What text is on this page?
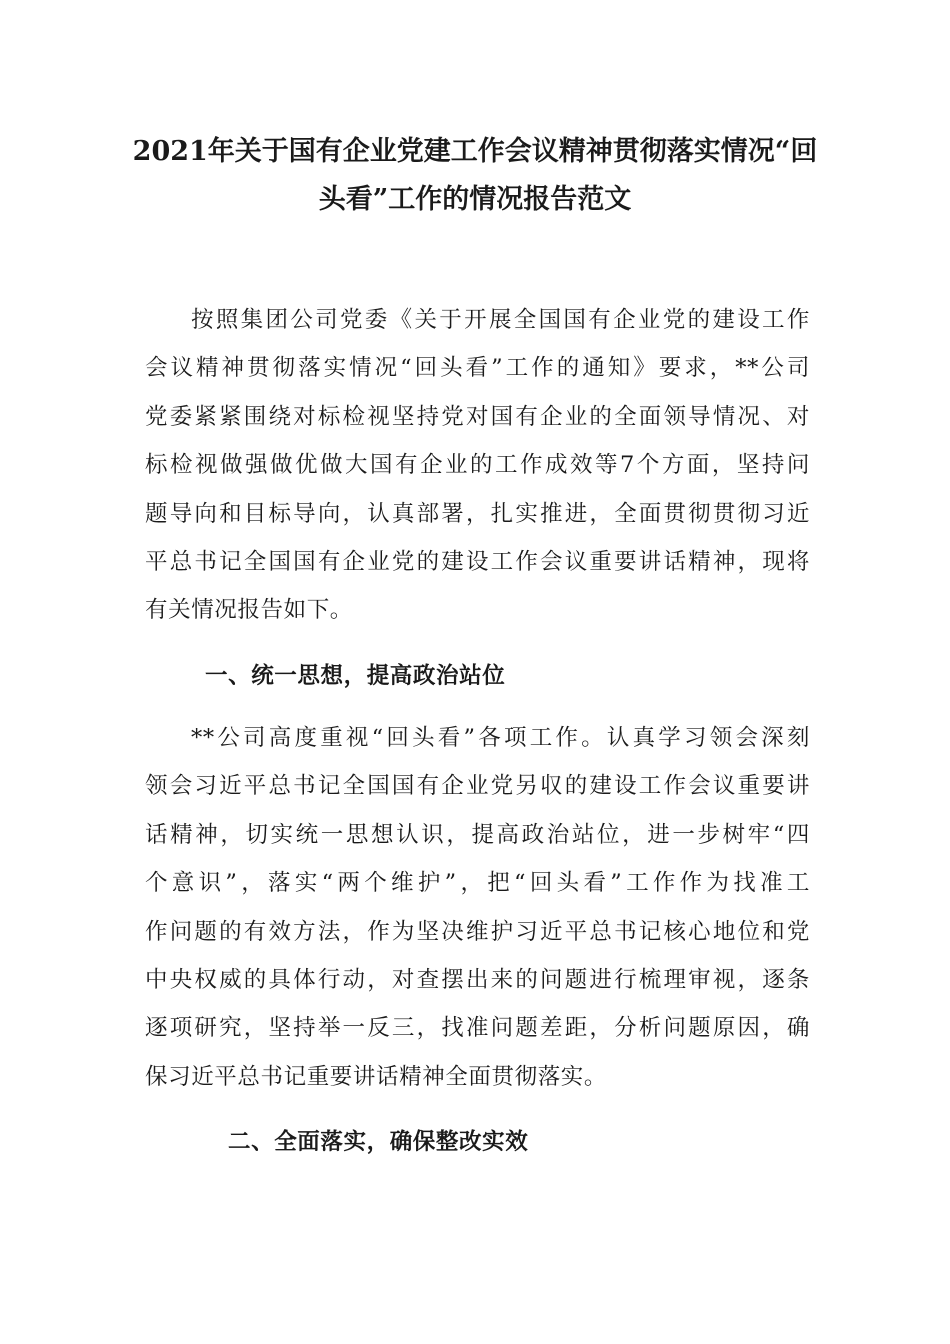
2021年关于国有企业党建工作会议精神贯彻落实情况“回
头看”工作的情况报告范文
按照集团公司党委《关于开展全国国有企业党的建设工作
会议精神贯彻落实情况“回头看”工作的通知》要求，**公司
党委紧紧围绕对标检视坚持党对国有企业的全面领导情况、对
标检视做强做优做大国有企业的工作成效等7个方面，坚持问
题导向和目标导向，认真部署，扎实推进，全面贯彻贯彻习近
平总书记全国国有企业党的建设工作会议重要讲话精神，现将
有关情况报告如下。
一、统一思想，提高政治站位
**公司高度重视“回头看”各项工作。认真学习领会深刻
领会习近平总书记全国国有企业党另収的建设工作会议重要讲
话精神，切实统一思想认识，提高政治站位，进一步树牢“四
个意识”，落实“两个维护”，把“回头看”工作作为找准工
作问题的有效方法，作为坚决维护习近平总书记核心地位和党
中央权威的具体行动，对查摆出来的问题进行梳理审视，逐条
逐项研究，坚持举一反三，找准问题差距，分析问题原因，确
保习近平总书记重要讲话精神全面贯彻落实。
二、全面落实，确保整改实效
